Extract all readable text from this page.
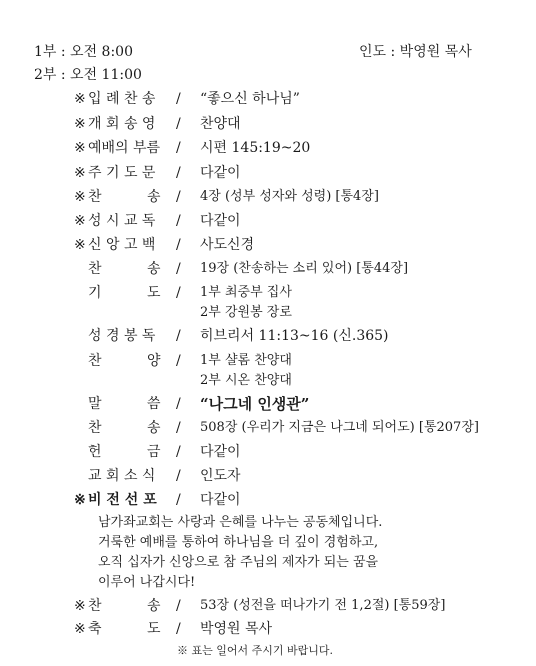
1부 : 오전 8:00
2부 : 오전 11:00
인도 : 박영원 목사
※ 입 례 찬 송 / “좋으신 하나님”
※ 개 회 송 영 / 찬양대
※ 예배의 부름 / 시편 145:19~20
※ 주 기 도 문 / 다같이
※ 찬	송 / 4장 (성부 성자와 성령) [통4장]
※ 성 시 교 독 / 다같이
※ 신 앙 고 백 / 사도신경
찬	송 / 19장 (찬송하는 소리 있어) [통44장]
기	도 / 1부 최중부 집사
2부 강원봉 장로
성 경 봉 독 / 히브리서 11:13~16 (신.365)
찬	양 / 1부 샬롬 찬양대
2부 시온 찬양대
말	씀 / “나그네 인생관”
찬	송 / 508장 (우리가 지금은 나그네 되어도) [통207장]
헌	금 / 다같이
교 회 소 식 / 인도자
※ 비 전 선 포 / 다같이
남가좌교회는 사랑과 은혜를 나누는 공동체입니다.
거룩한 예배를 통하여 하나님을 더 깊이 경험하고,
오직 십자가 신앙으로 참 주님의 제자가 되는 꿈을
이루어 나갑시다!
※ 찬	송 / 53장 (성전을 떠나가기 전 1,2절) [통59장]
※ 축	도 / 박영원 목사
※ 표는 일어서 주시기 바랍니다.
